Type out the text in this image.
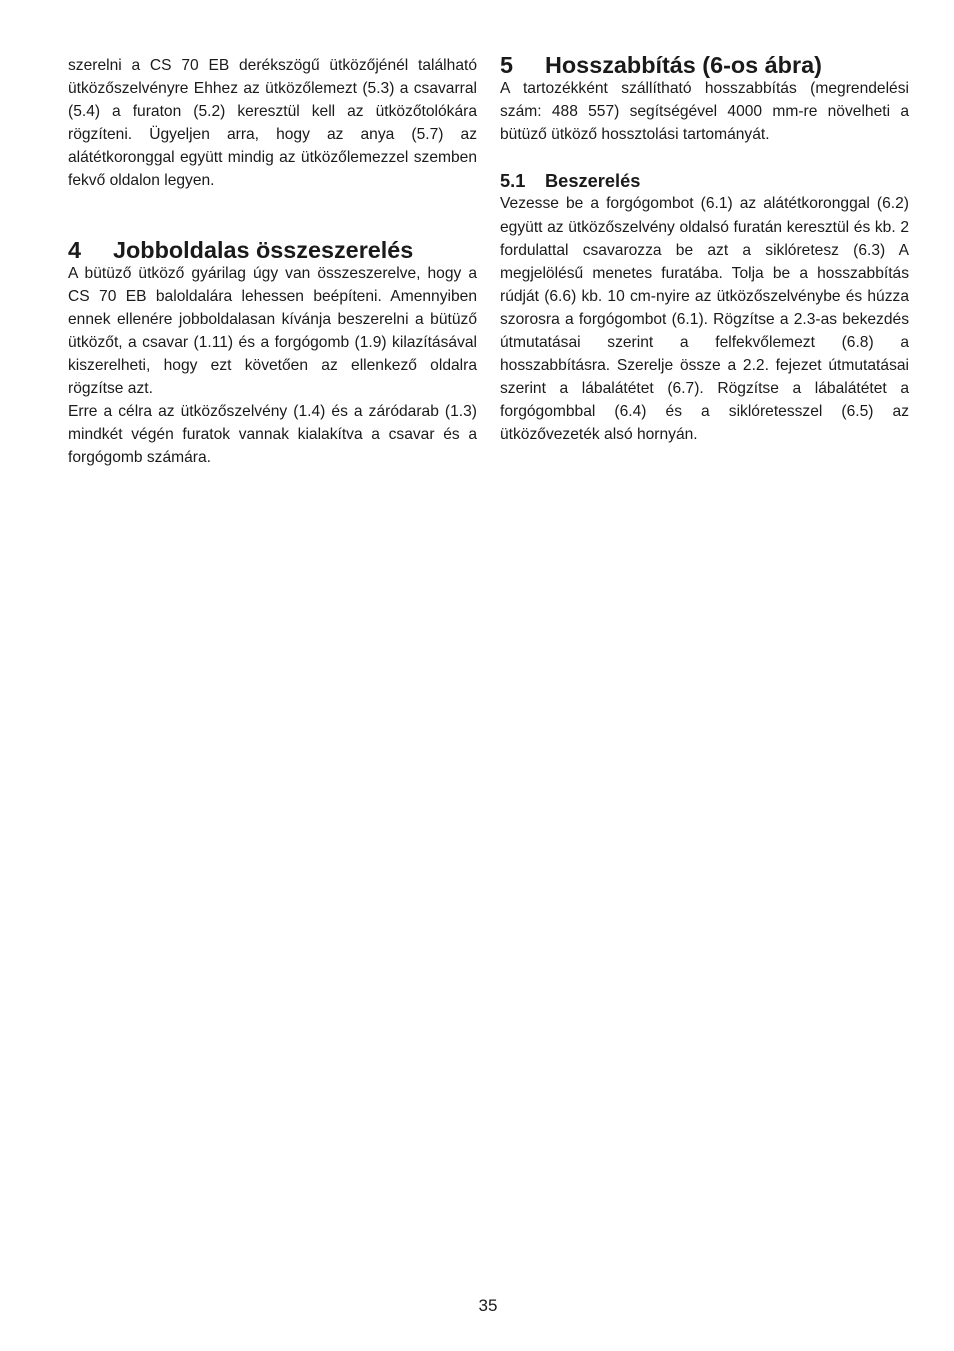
szerelni a CS 70 EB derékszögű ütközőjénél található ütközőszelvényre Ehhez az ütközőlemezt (5.3) a csavarral (5.4) a furaton (5.2) keresztül kell az ütközőtolókára rögzíteni. Ügyeljen arra, hogy az anya (5.7) az alátétkoronggal együtt mindig az ütközőlemezzel szemben fekvő oldalon legyen.

4	Jobboldalas összeszerelés

A bütüző ütköző gyárilag úgy van összeszerelve, hogy a CS 70 EB baloldalára lehessen beépíteni. Amennyiben ennek ellenére jobboldalasan kívánja beszerelni a bütüző ütközőt, a csavar (1.11) és a forgógomb (1.9) kilazításával kiszerelheti, hogy ezt követően az ellenkező oldalra rögzítse azt.

Erre a célra az ütközőszelvény (1.4) és a záródarab (1.3) mindkét végén furatok vannak kialakítva a csavar és a forgógomb számára.

5	Hosszabbítás (6-os ábra)

A tartozékként szállítható hosszabbítás (megrendelési szám: 488 557) segítségével 4000 mm-re növelheti a bütüző ütköző hossztolási tartományát.

5.1	Beszerelés

Vezesse be a forgógombot (6.1) az alátétkoronggal (6.2) együtt az ütközőszelvény oldalsó furatán keresztül és kb. 2 fordulattal csavarozza be azt a siklóretesz (6.3) A megjelölésű menetes furatába. Tolja be a hosszabbítás rúdját (6.6) kb. 10 cm-nyire az ütközőszelvénybe és húzza szorosra a forgógombot (6.1). Rögzítse a 2.3-as bekezdés útmutatásai szerint a felfekvőlemezt (6.8) a hosszabbításra. Szerelje össze a 2.2. fejezet útmutatásai szerint a lábalátétet (6.7). Rögzítse a lábalátétet a forgógombbal (6.4) és a siklóretesszel (6.5) az ütközővezeték alsó hornyán.

35
